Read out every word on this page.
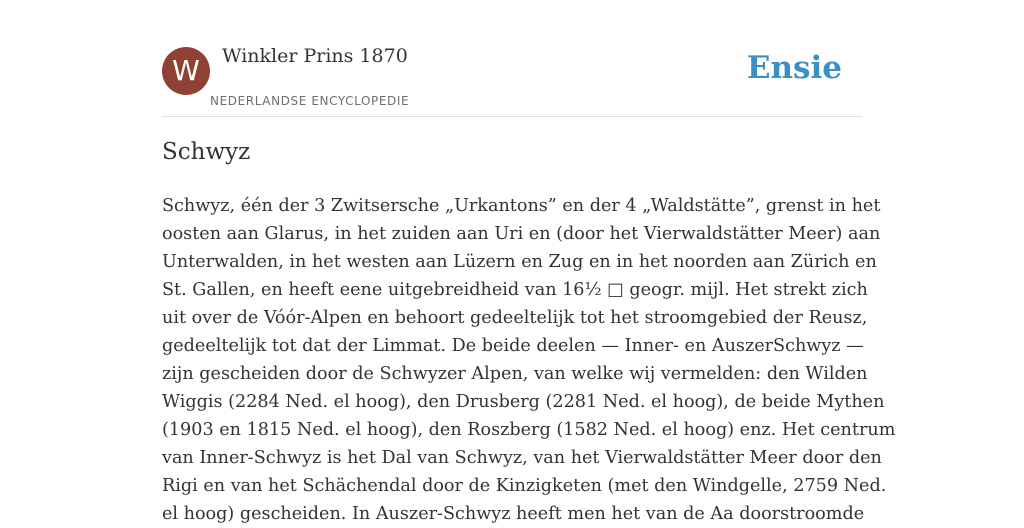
W	Winkler Prins 1870
NEDERLANDSE ENCYCLOPEDIE
Ensie
Schwyz

Schwyz, één der 3 Zwitsersche „Urkantons” en der 4 „Waldstätte”, grenst in het
oosten aan Glarus, in het zuiden aan Uri en (door het Vierwaldstätter Meer) aan
Unterwalden, in het westen aan Lüzern en Zug en in het noorden aan Zürich en
St. Gallen, en heeft eene uitgebreidheid van 16½ □ geogr. mijl. Het strekt zich
uit over de Vóór-Alpen en behoort gedeeltelijk tot het stroomgebied der Reusz,
gedeeltelijk tot dat der Limmat. De beide deelen — Inner- en AuszerSchwyz —
zijn gescheiden door de Schwyzer Alpen, van welke wij vermelden: den Wilden
Wiggis (2284 Ned. el hoog), den Drusberg (2281 Ned. el hoog), de beide Mythen
(1903 en 1815 Ned. el hoog), den Roszberg (1582 Ned. el hoog) enz. Het centrum
van Inner-Schwyz is het Dal van Schwyz, van het Vierwaldstätter Meer door den
Rigi en van het Schächendal door de Kinzigketen (met den Windgelle, 2759 Ned.
el hoog) gescheiden. In Auszer-Schwyz heeft men het van de Aa doorstroomde
